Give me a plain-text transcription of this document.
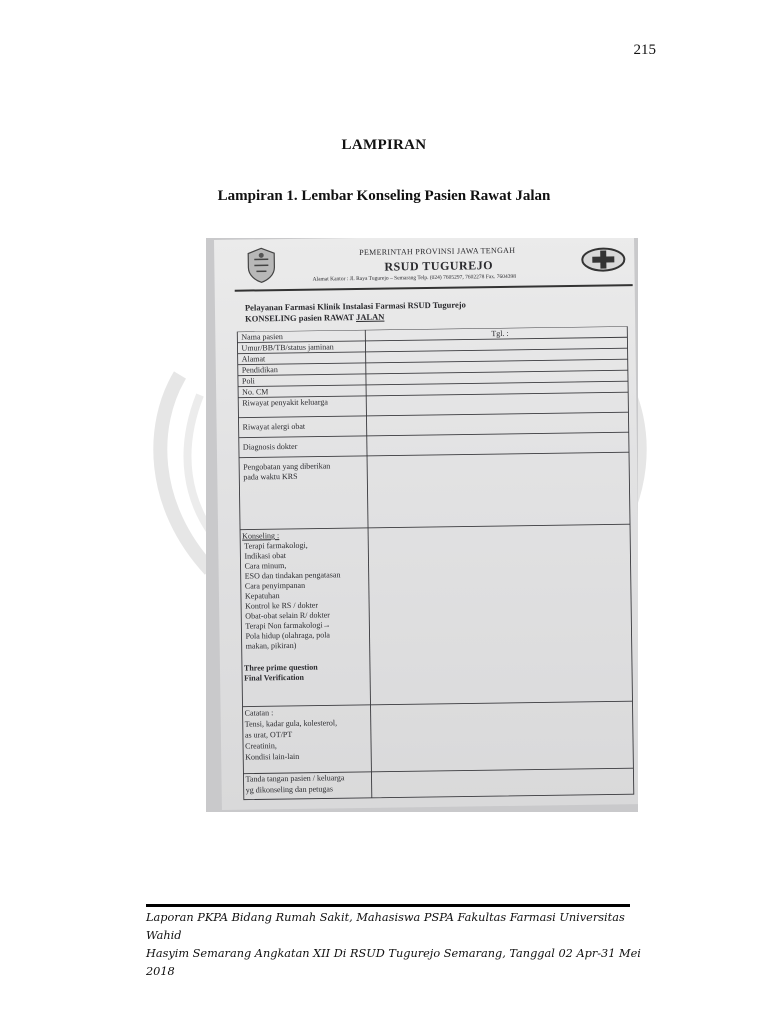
215
LAMPIRAN
Lampiran 1. Lembar Konseling Pasien Rawat Jalan
PEMERINTAH PROVINSI JAWA TENGAH
RSUD TUGUREJO
Alamat Kantor : Jl. Raya Tugurejo – Semarang Telp. (024) 7605297, 7602278 Fax. 7604398
Pelayanan Farmasi Klinik Instalasi Farmasi RSUD Tugurejo
KONSELING pasien RAWAT JALAN
Tgl. :
Nama pasien
Umur/BB/TB/status jaminan
Alamat
Pendidikan
Poli
No. CM
Riwayat penyakit keluarga
Riwayat alergi obat
Diagnosis dokter
Pengobatan yang diberikan
pada waktu KRS
Konseling :
Terapi farmakologi,
Indikasi obat
Cara minum,
ESO dan tindakan pengatasan
Cara penyimpanan
Kepatuhan
Kontrol ke RS / dokter
Obat-obat selain R/ dokter
Terapi Non farmakologi→
Pola hidup (olahraga, pola
makan, pikiran)
Three prime question
Final Verification
Catatan :
Tensi, kadar gula, kolesterol,
as urat, OT/PT
Creatinin,
Kondisi lain-lain
Tanda tangan pasien / keluarga
yg dikonseling dan petugas
Laporan PKPA Bidang Rumah Sakit, Mahasiswa PSPA Fakultas Farmasi Universitas Wahid
Hasyim Semarang Angkatan XII Di RSUD Tugurejo Semarang, Tanggal 02 Apr-31 Mei 2018
